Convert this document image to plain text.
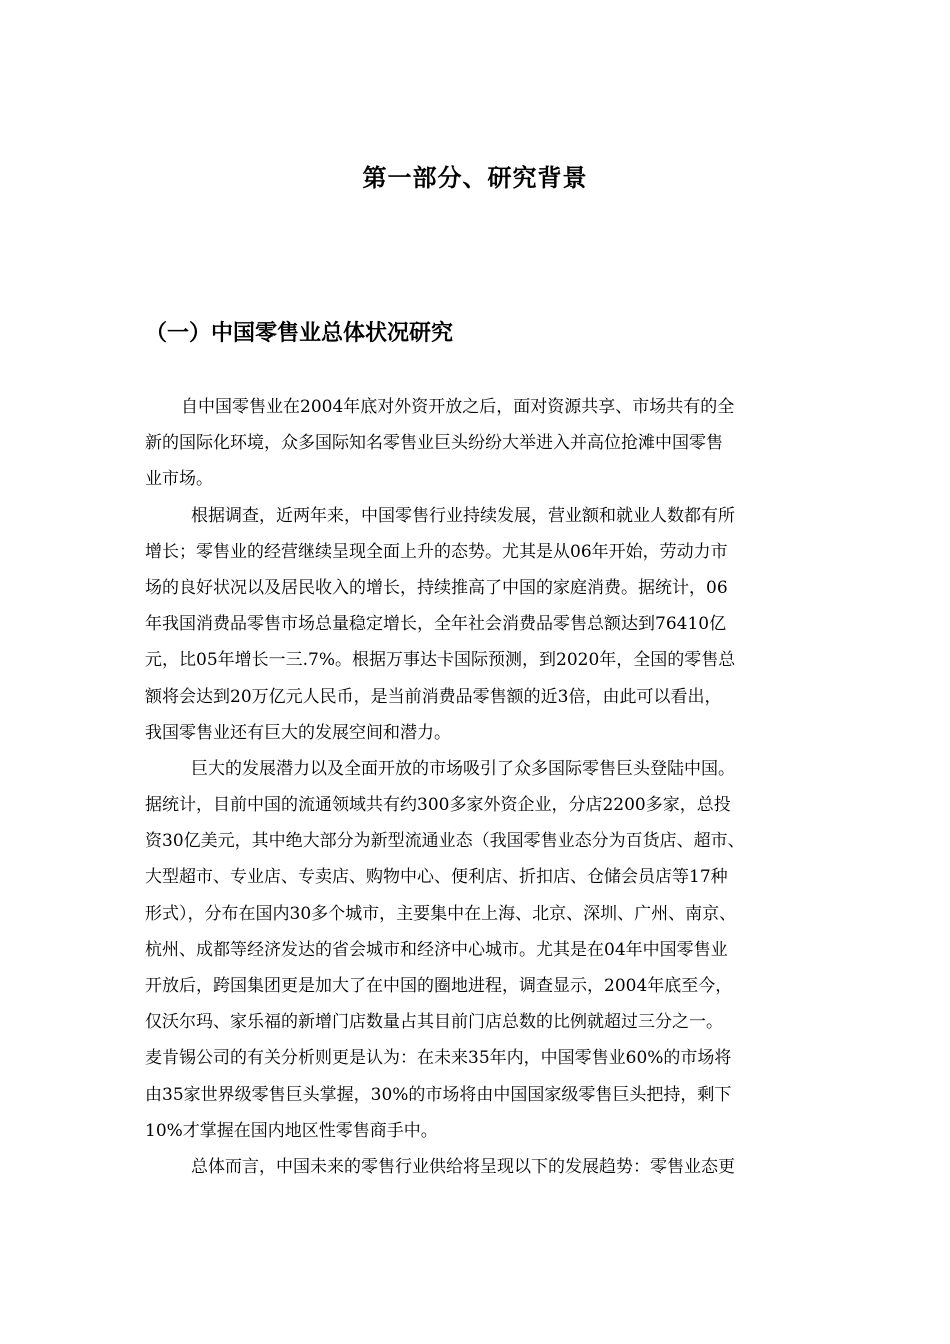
第一部分、研究背景
（一）中国零售业总体状况研究
自中国零售业在2004年底对外资开放之后，面对资源共享、市场共有的全
新的国际化环境，众多国际知名零售业巨头纷纷大举进入并高位抢滩中国零售
业市场。
根据调查，近两年来，中国零售行业持续发展，营业额和就业人数都有所
增长；零售业的经营继续呈现全面上升的态势。尤其是从06年开始，劳动力市
场的良好状况以及居民收入的增长，持续推高了中国的家庭消费。据统计，06
年我国消费品零售市场总量稳定增长，全年社会消费品零售总额达到76410亿
元，比05年增长一三.7%。根据万事达卡国际预测，到2020年，全国的零售总
额将会达到20万亿元人民币，是当前消费品零售额的近3倍，由此可以看出，
我国零售业还有巨大的发展空间和潜力。
巨大的发展潜力以及全面开放的市场吸引了众多国际零售巨头登陆中国。
据统计，目前中国的流通领域共有约300多家外资企业，分店2200多家，总投
资30亿美元，其中绝大部分为新型流通业态（我国零售业态分为百货店、超市、
大型超市、专业店、专卖店、购物中心、便利店、折扣店、仓储会员店等17种
形式），分布在国内30多个城市，主要集中在上海、北京、深圳、广州、南京、
杭州、成都等经济发达的省会城市和经济中心城市。尤其是在04年中国零售业
开放后，跨国集团更是加大了在中国的圈地进程，调查显示，2004年底至今，
仅沃尔玛、家乐福的新增门店数量占其目前门店总数的比例就超过三分之一。
麦肯锡公司的有关分析则更是认为：在未来35年内，中国零售业60%的市场将
由35家世界级零售巨头掌握，30%的市场将由中国国家级零售巨头把持，剩下
10%才掌握在国内地区性零售商手中。
总体而言，中国未来的零售行业供给将呈现以下的发展趋势：零售业态更
